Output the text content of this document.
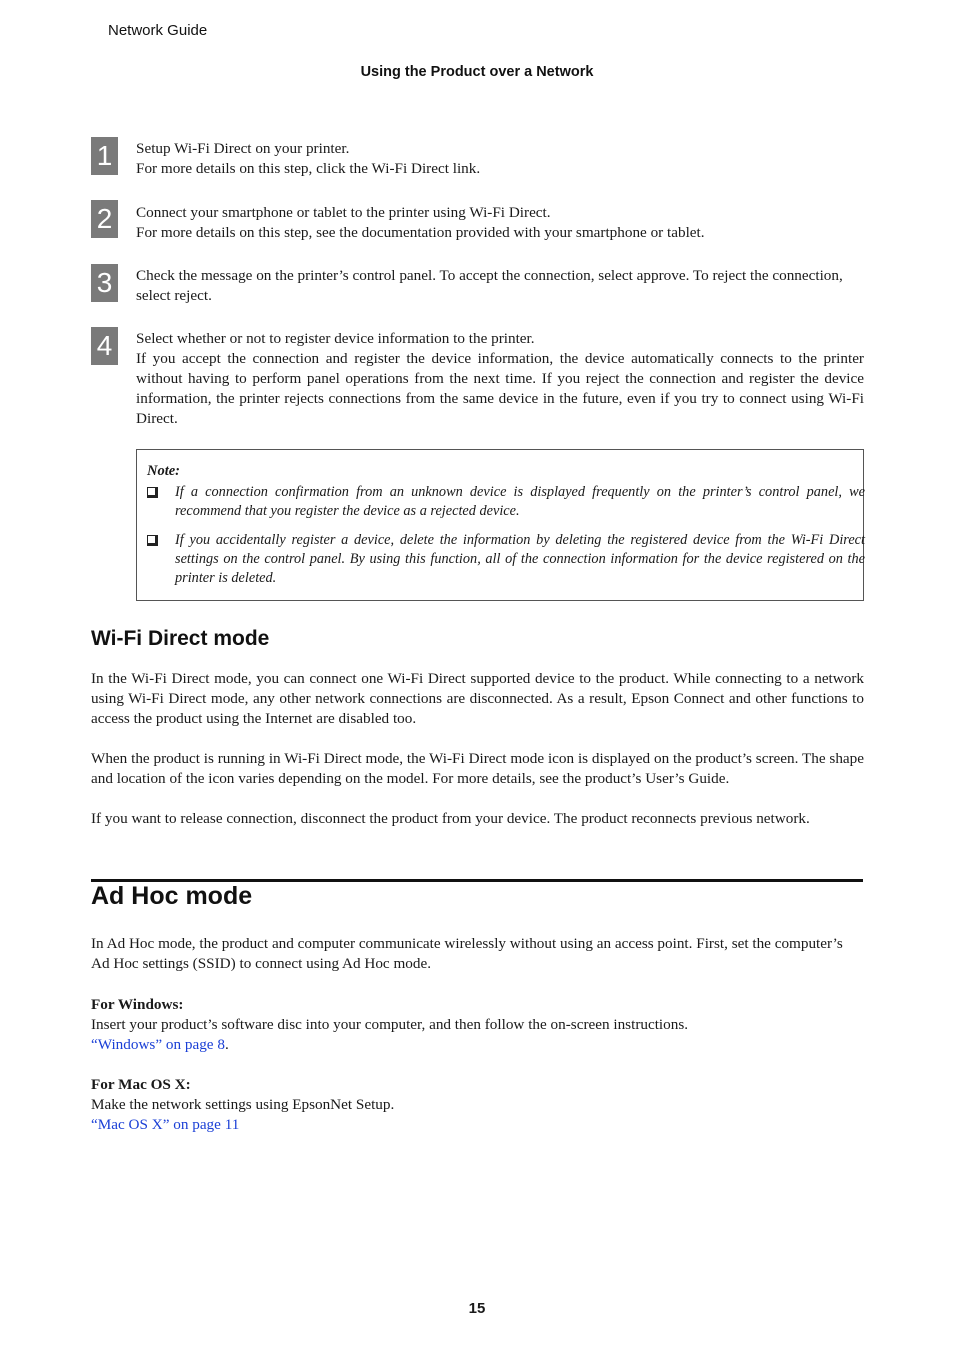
Network Guide
Using the Product over a Network
1	Setup Wi-Fi Direct on your printer.

For more details on this step, click the Wi-Fi Direct link.

2	Connect your smartphone or tablet to the printer using Wi-Fi Direct.

For more details on this step, see the documentation provided with your smartphone or tablet.

3	Check the message on the printer’s control panel. To accept the connection, select approve. To reject the connection, select reject.

4	Select whether or not to register device information to the printer.

If you accept the connection and register the device information, the device automatically connects to the printer without having to perform panel operations from the next time. If you reject the connection and register the device information, the printer rejects connections from the same device in the future, even if you try to connect using Wi-Fi Direct.

Note:
If a connection confirmation from an unknown device is displayed frequently on the printer’s control panel, we recommend that you register the device as a rejected device.
If you accidentally register a device, delete the information by deleting the registered device from the Wi-Fi Direct settings on the control panel. By using this function, all of the connection information for the device registered on the printer is deleted.
Wi-Fi Direct mode

In the Wi-Fi Direct mode, you can connect one Wi-Fi Direct supported device to the product. While connecting to a network using Wi-Fi Direct mode, any other network connections are disconnected. As a result, Epson Connect and other functions to access the product using the Internet are disabled too.

When the product is running in Wi-Fi Direct mode, the Wi-Fi Direct mode icon is displayed on the product’s screen. The shape and location of the icon varies depending on the model. For more details, see the product’s User’s Guide.

If you want to release connection, disconnect the product from your device. The product reconnects previous network.

Ad Hoc mode

In Ad Hoc mode, the product and computer communicate wirelessly without using an access point. First, set the computer’s Ad Hoc settings (SSID) to connect using Ad Hoc mode.

For Windows:
Insert your product’s software disc into your computer, and then follow the on-screen instructions.
“Windows” on page 8.
For Mac OS X:
Make the network settings using EpsonNet Setup.
“Mac OS X” on page 11
15
